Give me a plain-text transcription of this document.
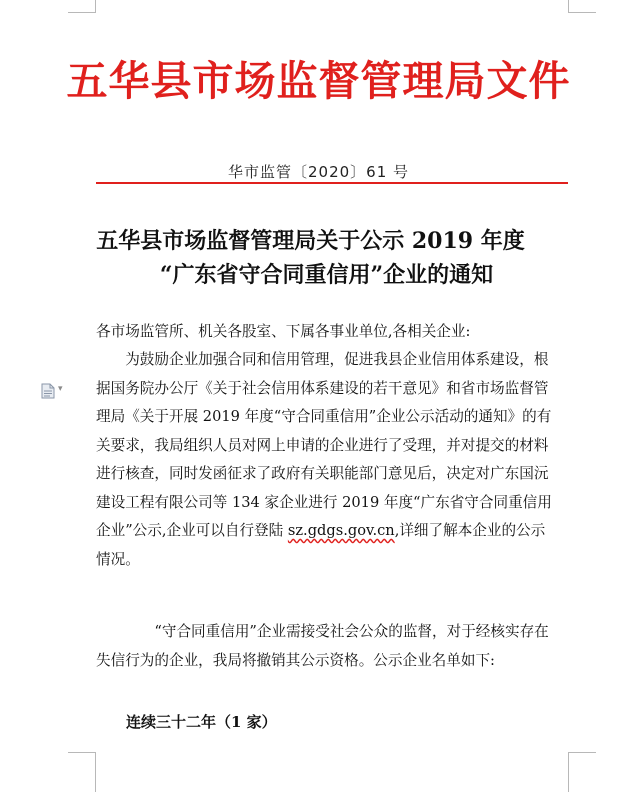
五华县市场监督管理局文件
华市监管〔2020〕61 号
五华县市场监督管理局关于公示 2019 年度
“广东省守合同重信用”企业的通知
各市场监管所、机关各股室、下属各事业单位,各相关企业:
为鼓励企业加强合同和信用管理，促进我县企业信用体系建设，根据国务院办公厅《关于社会信用体系建设的若干意见》和省市场监督管理局《关于开展 2019 年度“守合同重信用”企业公示活动的通知》的有关要求，我局组织人员对网上申请的企业进行了受理，并对提交的材料进行核查，同时发函征求了政府有关职能部门意见后，决定对广东国沅建设工程有限公司等 134 家企业进行 2019 年度“广东省守合同重信用企业”公示,企业可以自行登陆 sz.gdgs.gov.cn,详细了解本企业的公示情况。
“守合同重信用”企业需接受社会公众的监督，对于经核实存在失信行为的企业，我局将撤销其公示资格。公示企业名单如下:
连续三十二年（1 家）
▾
